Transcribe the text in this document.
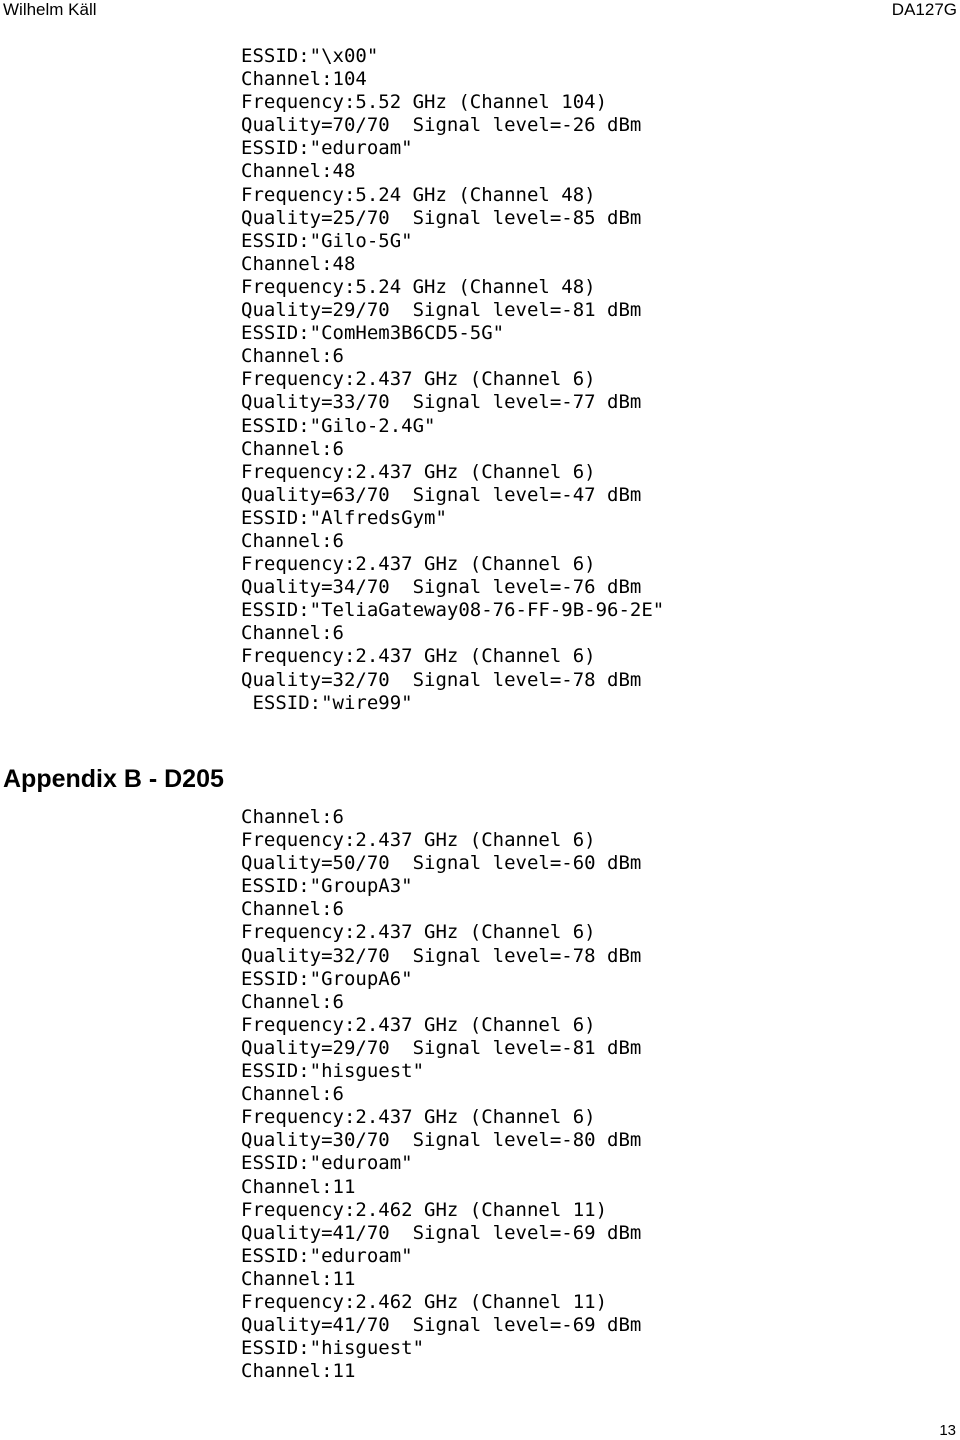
Wilhelm Käll	DA127G
ESSID:"\x00"
Channel:104
Frequency:5.52 GHz (Channel 104)
Quality=70/70  Signal level=-26 dBm
ESSID:"eduroam"
Channel:48
Frequency:5.24 GHz (Channel 48)
Quality=25/70  Signal level=-85 dBm
ESSID:"Gilo-5G"
Channel:48
Frequency:5.24 GHz (Channel 48)
Quality=29/70  Signal level=-81 dBm
ESSID:"ComHem3B6CD5-5G"
Channel:6
Frequency:2.437 GHz (Channel 6)
Quality=33/70  Signal level=-77 dBm
ESSID:"Gilo-2.4G"
Channel:6
Frequency:2.437 GHz (Channel 6)
Quality=63/70  Signal level=-47 dBm
ESSID:"AlfredsGym"
Channel:6
Frequency:2.437 GHz (Channel 6)
Quality=34/70  Signal level=-76 dBm
ESSID:"TeliaGateway08-76-FF-9B-96-2E"
Channel:6
Frequency:2.437 GHz (Channel 6)
Quality=32/70  Signal level=-78 dBm
ESSID:"wire99"
Appendix B - D205
Channel:6
Frequency:2.437 GHz (Channel 6)
Quality=50/70  Signal level=-60 dBm
ESSID:"GroupA3"
Channel:6
Frequency:2.437 GHz (Channel 6)
Quality=32/70  Signal level=-78 dBm
ESSID:"GroupA6"
Channel:6
Frequency:2.437 GHz (Channel 6)
Quality=29/70  Signal level=-81 dBm
ESSID:"hisguest"
Channel:6
Frequency:2.437 GHz (Channel 6)
Quality=30/70  Signal level=-80 dBm
ESSID:"eduroam"
Channel:11
Frequency:2.462 GHz (Channel 11)
Quality=41/70  Signal level=-69 dBm
ESSID:"eduroam"
Channel:11
Frequency:2.462 GHz (Channel 11)
Quality=41/70  Signal level=-69 dBm
ESSID:"hisguest"
Channel:11
13
